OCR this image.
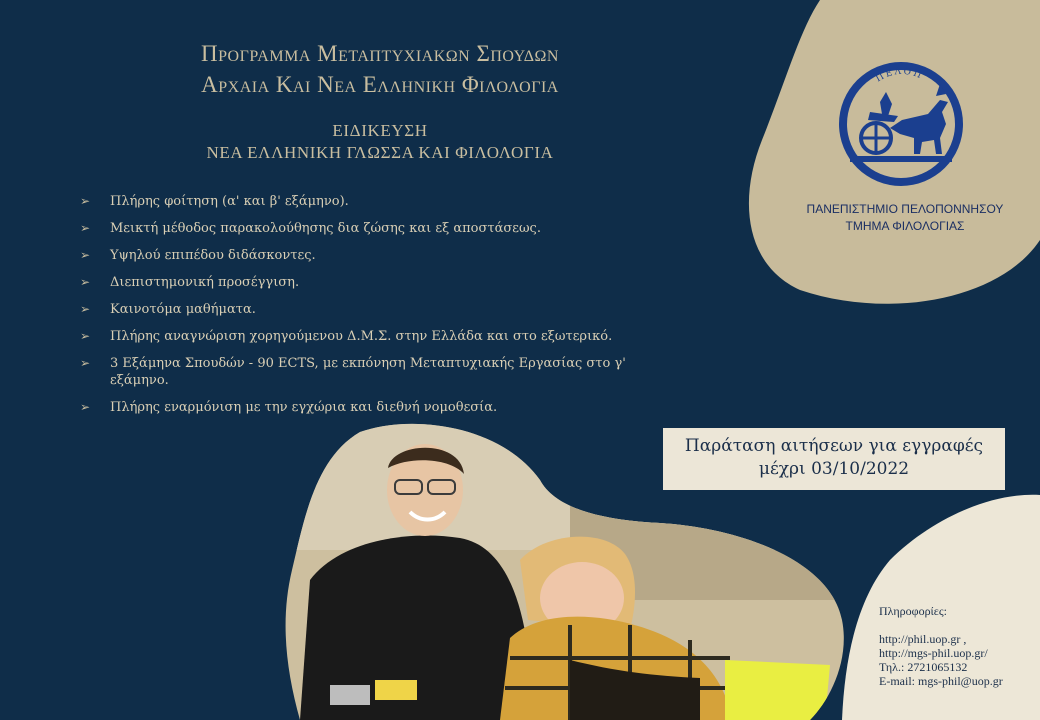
Προγραμμα Μεταπτυχιακων Σπουδων
Αρχαια Και Νεα Ελληνικη Φιλολογια
ΕΙΔΙΚΕΥΣΗ
ΝΕΑ ΕΛΛΗΝΙΚΗ ΓΛΩΣΣΑ ΚΑΙ ΦΙΛΟΛΟΓΙΑ
➢	Πλήρης φοίτηση (α' και β' εξάμηνο).
➢	Μεικτή μέθοδος παρακολούθησης δια ζώσης και εξ αποστάσεως.
➢	Υψηλού επιπέδου διδάσκοντες.
➢	Διεπιστημονική προσέγγιση.
➢	Καινοτόμα μαθήματα.
➢	Πλήρης αναγνώριση χορηγούμενου Δ.Μ.Σ. στην Ελλάδα και στο εξωτερικό.
➢	3 Εξάμηνα Σπουδών - 90 ECTS, με εκπόνηση Μεταπτυχιακής Εργασίας στο γ' εξάμηνο.
➢	Πλήρης εναρμόνιση με την εγχώρια και διεθνή νομοθεσία.
ΠΕΛΟΠ
ΠΑΝΕΠΙΣΤΗΜΙΟ ΠΕΛΟΠΟΝΝΗΣΟΥ
ΤΜΗΜΑ ΦΙΛΟΛΟΓΙΑΣ
Παράταση αιτήσεων για εγγραφές
μέχρι 03/10/2022
Πληροφορίες:
http://phil.uop.gr ,
http://mgs-phil.uop.gr/
Τηλ.: 2721065132
E-mail: mgs-phil@uop.gr
